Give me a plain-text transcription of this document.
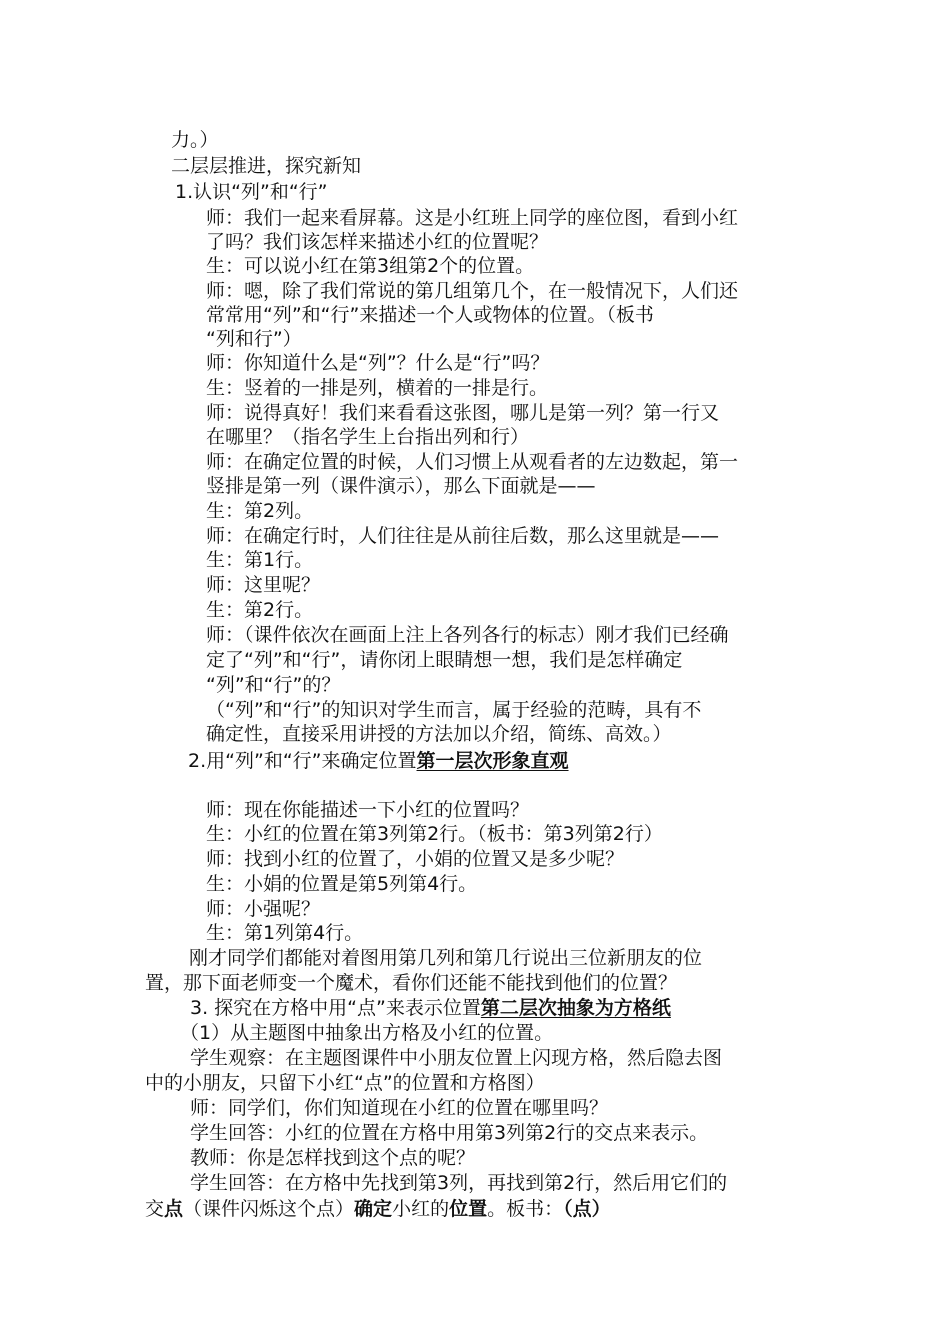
力。）
二层层推进，探究新知
1.认识“列”和“行”
师：我们一起来看屏幕。这是小红班上同学的座位图，看到小红
了吗？我们该怎样来描述小红的位置呢？
生：可以说小红在第3组第2个的位置。
师：嗯，除了我们常说的第几组第几个，在一般情况下，人们还
常常用“列”和“行”来描述一个人或物体的位置。（板书
“列和行”）
师：你知道什么是“列”？什么是“行”吗？
生：竖着的一排是列，横着的一排是行。
师：说得真好！我们来看看这张图，哪儿是第一列？第一行又
在哪里？（指名学生上台指出列和行）
师：在确定位置的时候，人们习惯上从观看者的左边数起，第一
竖排是第一列（课件演示），那么下面就是——
生：第2列。
师：在确定行时，人们往往是从前往后数，那么这里就是——
生：第1行。
师：这里呢？
生：第2行。
师：（课件依次在画面上注上各列各行的标志）刚才我们已经确
定了“列”和“行”，请你闭上眼睛想一想，我们是怎样确定
“列”和“行”的？
（“列”和“行”的知识对学生而言，属于经验的范畴，具有不
确定性，直接采用讲授的方法加以介绍，简练、高效。）
2.用“列”和“行”来确定位置第一层次形象直观
师：现在你能描述一下小红的位置吗？
生：小红的位置在第3列第2行。（板书：第3列第2行）
师：找到小红的位置了，小娟的位置又是多少呢？
生：小娟的位置是第5列第4行。
师：小强呢？
生：第1列第4行。
刚才同学们都能对着图用第几列和第几行说出三位新朋友的位
置，那下面老师变一个魔术，看你们还能不能找到他们的位置？
3. 探究在方格中用“点”来表示位置第二层次抽象为方格纸
（1）从主题图中抽象出方格及小红的位置。
学生观察：在主题图课件中小朋友位置上闪现方格，然后隐去图
中的小朋友，只留下小红“点”的位置和方格图）
师：同学们，你们知道现在小红的位置在哪里吗？
学生回答：小红的位置在方格中用第3列第2行的交点来表示。
教师：你是怎样找到这个点的呢？
学生回答：在方格中先找到第3列，再找到第2行，然后用它们的
交点（课件闪烁这个点）确定小红的位置。板书：（点）
